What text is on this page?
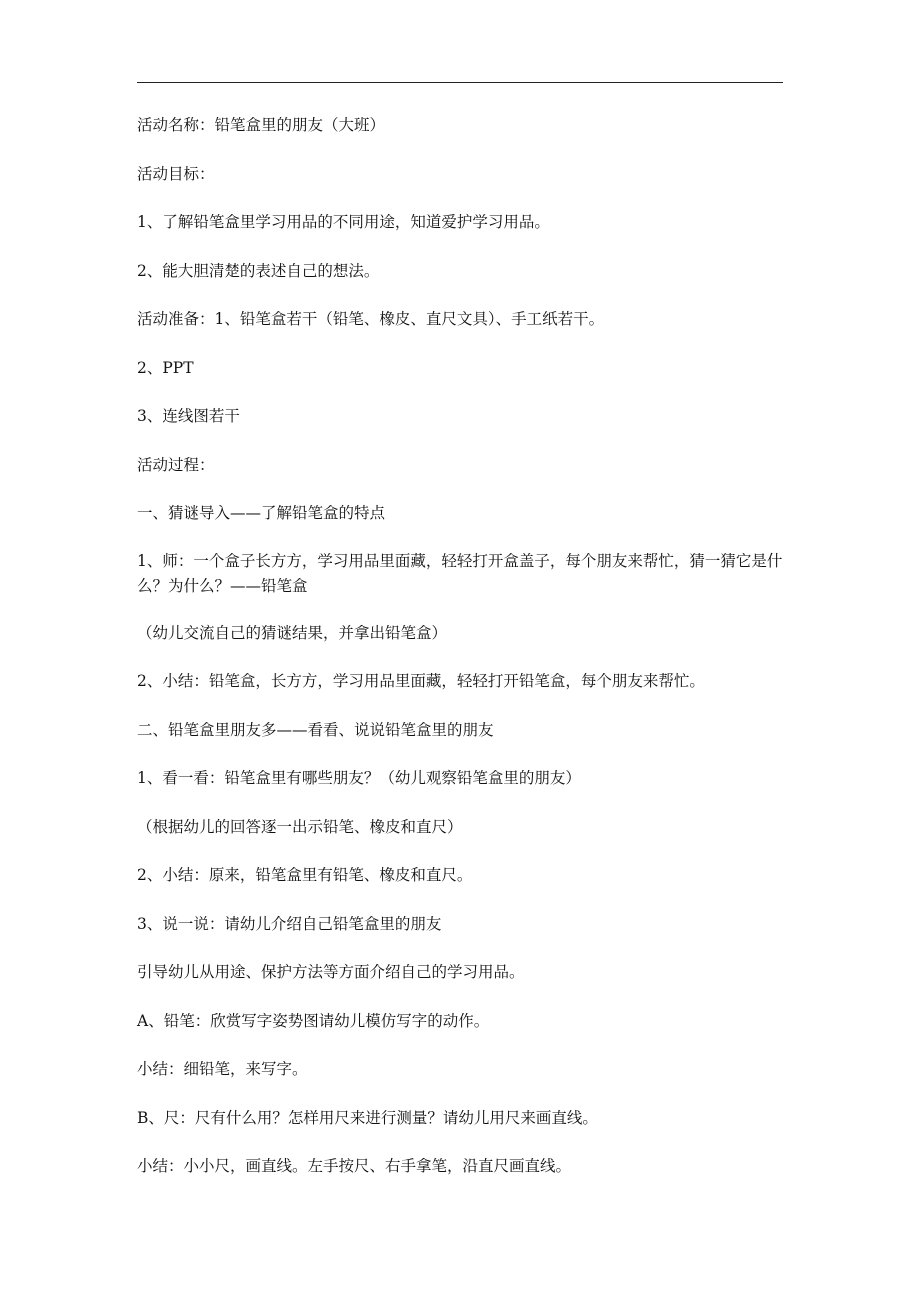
活动名称：铅笔盒里的朋友（大班）

活动目标：

1、了解铅笔盒里学习用品的不同用途，知道爱护学习用品。

2、能大胆清楚的表述自己的想法。

活动准备：1、铅笔盒若干（铅笔、橡皮、直尺文具）、手工纸若干。

2、PPT

3、连线图若干

活动过程：

一、猜谜导入——了解铅笔盒的特点

1、师：一个盒子长方方，学习用品里面藏，轻轻打开盒盖子，每个朋友来帮忙，猜一猜它是什么？为什么？——铅笔盒

（幼儿交流自己的猜谜结果，并拿出铅笔盒）

2、小结：铅笔盒，长方方，学习用品里面藏，轻轻打开铅笔盒，每个朋友来帮忙。

二、铅笔盒里朋友多——看看、说说铅笔盒里的朋友

1、看一看：铅笔盒里有哪些朋友？（幼儿观察铅笔盒里的朋友）

（根据幼儿的回答逐一出示铅笔、橡皮和直尺）

2、小结：原来，铅笔盒里有铅笔、橡皮和直尺。

3、说一说：请幼儿介绍自己铅笔盒里的朋友

引导幼儿从用途、保护方法等方面介绍自己的学习用品。

A、铅笔：欣赏写字姿势图请幼儿模仿写字的动作。

小结：细铅笔，来写字。

B、尺：尺有什么用？怎样用尺来进行测量？请幼儿用尺来画直线。

小结：小小尺，画直线。左手按尺、右手拿笔，沿直尺画直线。
